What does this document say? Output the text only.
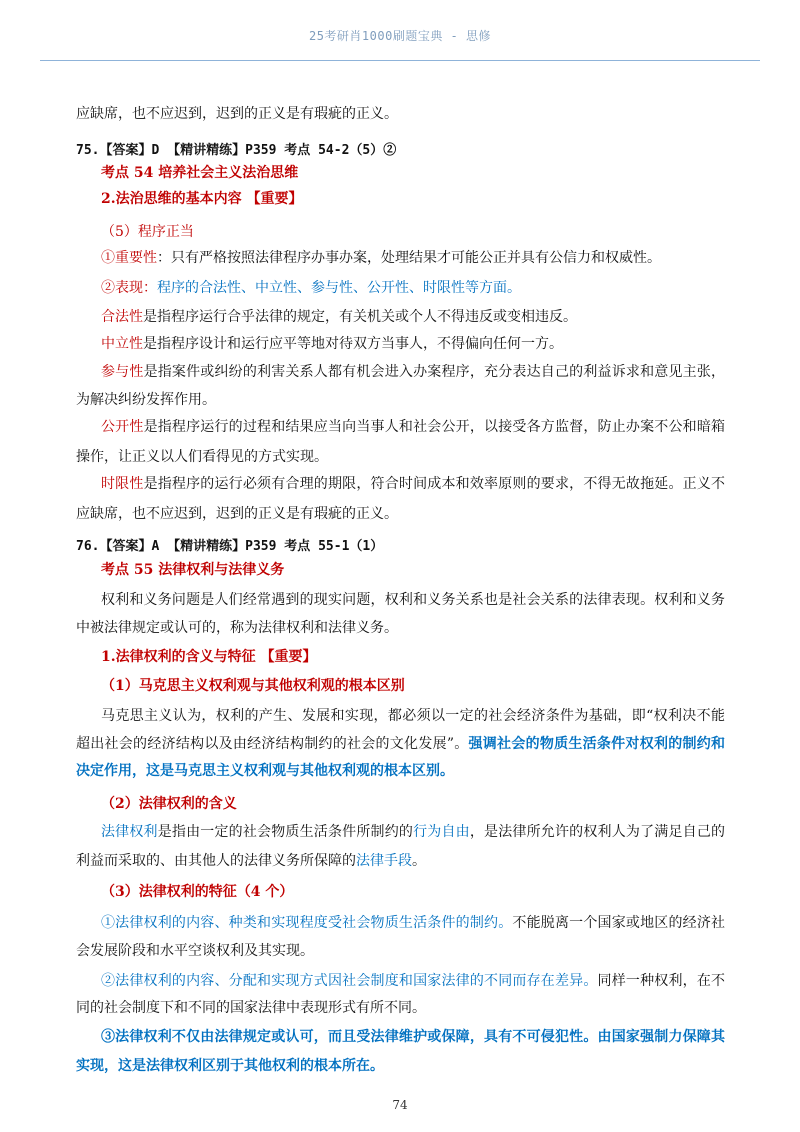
25考研肖1000刷题宝典 - 思修
应缺席，也不应迟到，迟到的正义是有瑕疵的正义。
75.【答案】D 【精讲精练】P359 考点 54-2（5）②
考点 54 培养社会主义法治思维
2.法治思维的基本内容 【重要】
（5）程序正当
①重要性：只有严格按照法律程序办事办案，处理结果才可能公正并具有公信力和权威性。
②表现：程序的合法性、中立性、参与性、公开性、时限性等方面。
合法性是指程序运行合乎法律的规定，有关机关或个人不得违反或变相违反。
中立性是指程序设计和运行应平等地对待双方当事人，不得偏向任何一方。
参与性是指案件或纠纷的利害关系人都有机会进入办案程序，充分表达自己的利益诉求和意见主张，
为解决纠纷发挥作用。
公开性是指程序运行的过程和结果应当向当事人和社会公开，以接受各方监督，防止办案不公和暗箱
操作，让正义以人们看得见的方式实现。
时限性是指程序的运行必须有合理的期限，符合时间成本和效率原则的要求，不得无故拖延。正义不
应缺席，也不应迟到，迟到的正义是有瑕疵的正义。
76.【答案】A 【精讲精练】P359 考点 55-1（1）
考点 55 法律权利与法律义务
权利和义务问题是人们经常遇到的现实问题，权利和义务关系也是社会关系的法律表现。权利和义务
中被法律规定或认可的，称为法律权利和法律义务。
1.法律权利的含义与特征 【重要】
（1）马克思主义权利观与其他权利观的根本区别
马克思主义认为，权利的产生、发展和实现，都必须以一定的社会经济条件为基础，即“权利决不能
超出社会的经济结构以及由经济结构制约的社会的文化发展”。强调社会的物质生活条件对权利的制约和
决定作用，这是马克思主义权利观与其他权利观的根本区别。
（2）法律权利的含义
法律权利是指由一定的社会物质生活条件所制约的行为自由，是法律所允许的权利人为了满足自己的
利益而采取的、由其他人的法律义务所保障的法律手段。
（3）法律权利的特征（4 个）
①法律权利的内容、种类和实现程度受社会物质生活条件的制约。不能脱离一个国家或地区的经济社
会发展阶段和水平空谈权利及其实现。
②法律权利的内容、分配和实现方式因社会制度和国家法律的不同而存在差异。同样一种权利，在不
同的社会制度下和不同的国家法律中表现形式有所不同。
③法律权利不仅由法律规定或认可，而且受法律维护或保障，具有不可侵犯性。由国家强制力保障其
实现，这是法律权利区别于其他权利的根本所在。
74
